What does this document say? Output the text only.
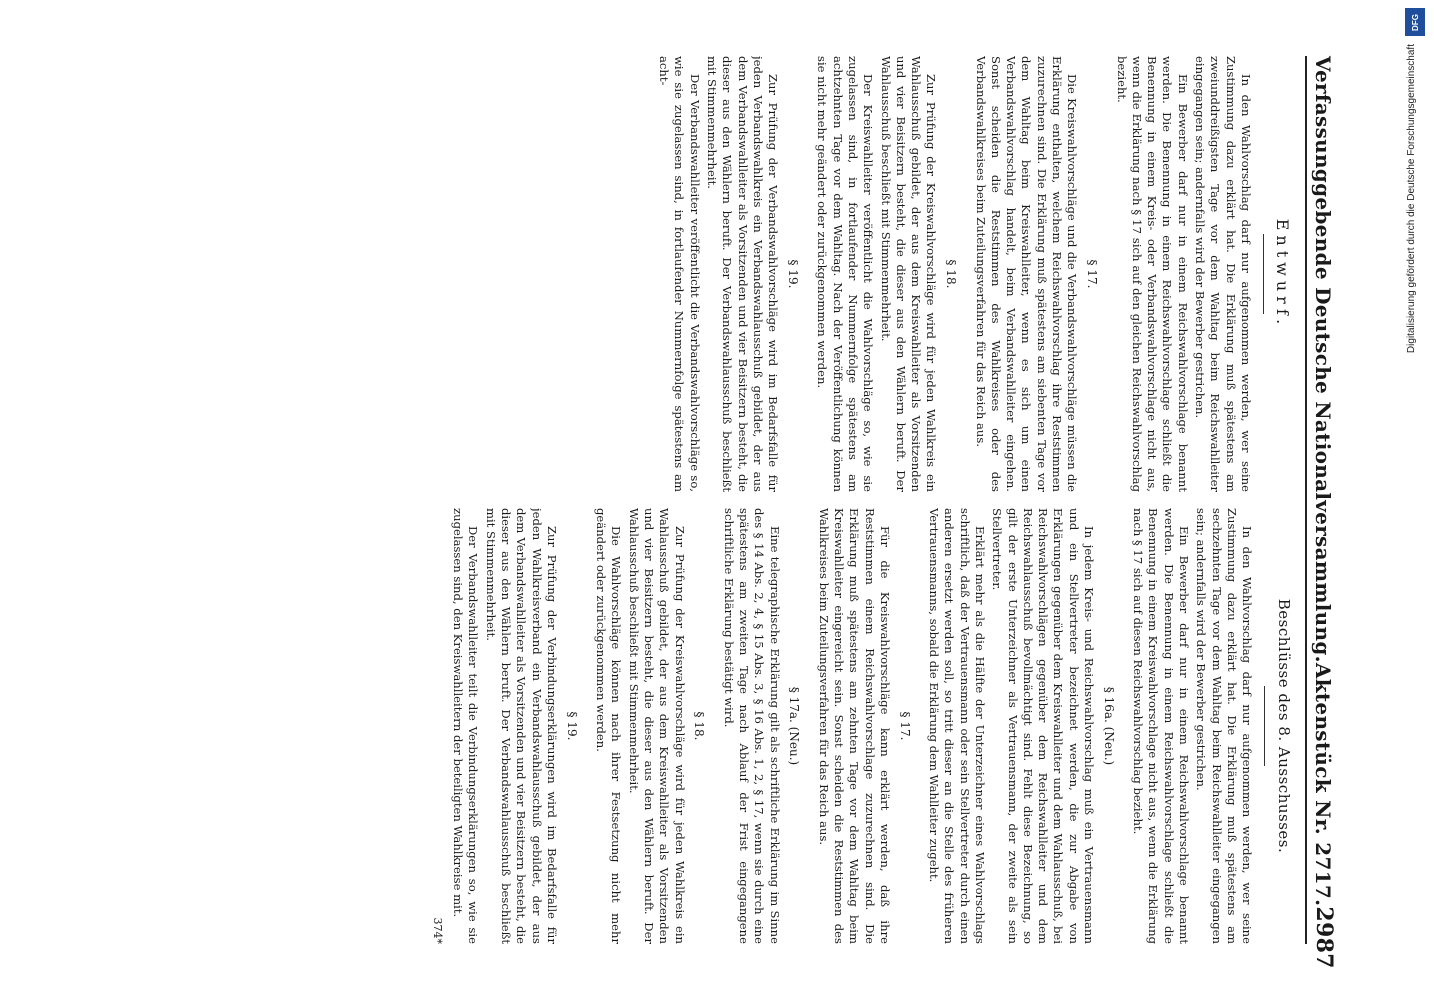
Verfassunggebende Deutsche Nationalversammlung.
Aktenstück Nr. 2717.
2987
Entwurf.

In den Wahlvorschlag darf nur aufgenommen werden, wer seine Zustimmung dazu erklärt hat. Die Erklärung muß spätestens am zweiunddreißigsten Tage vor dem Wahltag beim Reichswahlleiter eingegangen sein; andernfalls wird der Bewerber gestrichen.

Ein Bewerber darf nur in einem Reichswahlvorschlage benannt werden. Die Benennung in einem Reichswahlvorschlage schließt die Benennung in einem Kreis- oder Verbandswahlvorschlage nicht aus, wenn die Erklärung nach § 17 sich auf den gleichen Reichswahlvorschlag bezieht.

§ 17.

Die Kreiswahlvorschläge und die Verbandswahlvorschläge müssen die Erklärung enthalten, welchem Reichswahlvorschlag ihre Reststimmen zuzurechnen sind. Die Erklärung muß spätestens am siebenten Tage vor dem Wahltag beim Kreiswahlleiter, wenn es sich um einen Verbandswahlvorschlag handelt, beim Verbandswahlleiter eingehen. Sonst scheiden die Reststimmen des Wahlkreises oder des Verbandswahlkreises beim Zuteilungsverfahren für das Reich aus.

§ 18.

Zur Prüfung der Kreiswahlvorschläge wird für jeden Wahlkreis ein Wahlausschuß gebildet, der aus dem Kreiswahlleiter als Vorsitzenden und vier Beisitzern besteht, die dieser aus den Wählern beruft. Der Wahlausschuß beschließt mit Stimmenmehrheit.

Der Kreiswahlleiter veröffentlicht die Wahlvorschläge so, wie sie zugelassen sind, in fortlaufender Nummernfolge spätestens am achtzehnten Tage vor dem Wahltag. Nach der Veröffentlichung können sie nicht mehr geändert oder zurückgenommen werden.

§ 19.

Zur Prüfung der Verbandswahlvorschläge wird im Bedarfsfalle für jeden Verbandswahlkreis ein Verbandswahlausschuß gebildet, der aus dem Verbandswahlleiter als Vorsitzenden und vier Beisitzern besteht, die dieser aus den Wählern beruft. Der Verbandswahlausschuß beschließt mit Stimmenmehrheit.

Der Verbandswahlleiter veröffentlicht die Verbandswahlvorschläge so, wie sie zugelassen sind, in fortlaufender Nummernfolge spätestens am acht-

Beschlüsse des 8. Ausschusses.

In den Wahlvorschlag darf nur aufgenommen werden, wer seine Zustimmung dazu erklärt hat. Die Erklärung muß spätestens am sechzehnten Tage vor dem Wahltag beim Reichswahlleiter eingegangen sein; andernfalls wird der Bewerber gestrichen.

Ein Bewerber darf nur in einem Reichswahlvorschlage benannt werden. Die Benennung in einem Reichswahlvorschlage schließt die Benennung in einem Kreiswahlvorschlage nicht aus, wenn die Erklärung nach § 17 sich auf diesen Reichswahlvorschlag bezieht.

§ 16a. (Neu.)

In jedem Kreis- und Reichswahlvorschlag muß ein Vertrauensmann und ein Stellvertreter bezeichnet werden, die zur Abgabe von Erklärungen gegenüber dem Kreiswahlleiter und dem Wahlausschuß, bei Reichswahlvorschlägen gegenüber dem Reichswahlleiter und dem Reichswahlausschuß bevollmächtigt sind. Fehlt diese Bezeichnung, so gilt der erste Unterzeichner als Vertrauensmann, der zweite als sein Stellvertreter.

Erklärt mehr als die Hälfte der Unterzeichner eines Wahlvorschlags schriftlich, daß der Vertrauensmann oder sein Stellvertreter durch einen anderen ersetzt werden soll, so tritt dieser an die Stelle des früheren Vertrauensmanns, sobald die Erklärung dem Wahlleiter zugeht.

§ 17.

Für die Kreiswahlvorschläge kann erklärt werden, daß ihre Reststimmen einem Reichswahlvorschlage zuzurechnen sind. Die Erklärung muß spätestens am zehnten Tage vor dem Wahltag beim Kreiswahlleiter eingereicht sein. Sonst scheiden die Reststimmen des Wahlkreises beim Zuteilungsverfahren für das Reich aus.

§ 17a. (Neu.)

Eine telegraphische Erklärung gilt als schriftliche Erklärung im Sinne des § 14 Abs. 2, 4, § 15 Abs. 3, § 16 Abs. 1, 2, § 17, wenn sie durch eine spätestens am zweiten Tage nach Ablauf der Frist eingegangene schriftliche Erklärung bestätigt wird.

§ 18.

Zur Prüfung der Kreiswahlvorschläge wird für jeden Wahlkreis ein Wahlausschuß gebildet, der aus dem Kreiswahlleiter als Vorsitzenden und vier Beisitzern besteht, die dieser aus den Wählern beruft. Der Wahlausschuß beschließt mit Stimmenmehrheit.

Die Wahlvorschläge können nach ihrer Festsetzung nicht mehr geändert oder zurückgenommen werden.

§ 19.

Zur Prüfung der Verbindungserklärungen wird im Bedarfsfalle für jeden Wahlkreisverband ein Verbandswahlausschuß gebildet, der aus dem Verbandswahlleiter als Vorsitzenden und vier Beisitzern besteht, die dieser aus den Wählern beruft. Der Verbandswahlausschuß beschließt mit Stimmenmehrheit.

Der Verbandswahlleiter teilt die Verbindungserklärungen so, wie sie zugelassen sind, den Kreiswahlleitern der beteiligten Wahlkreise mit.

374*
DFG
Digitalisierung gefördert durch die Deutsche Forschungsgemeinschaft
